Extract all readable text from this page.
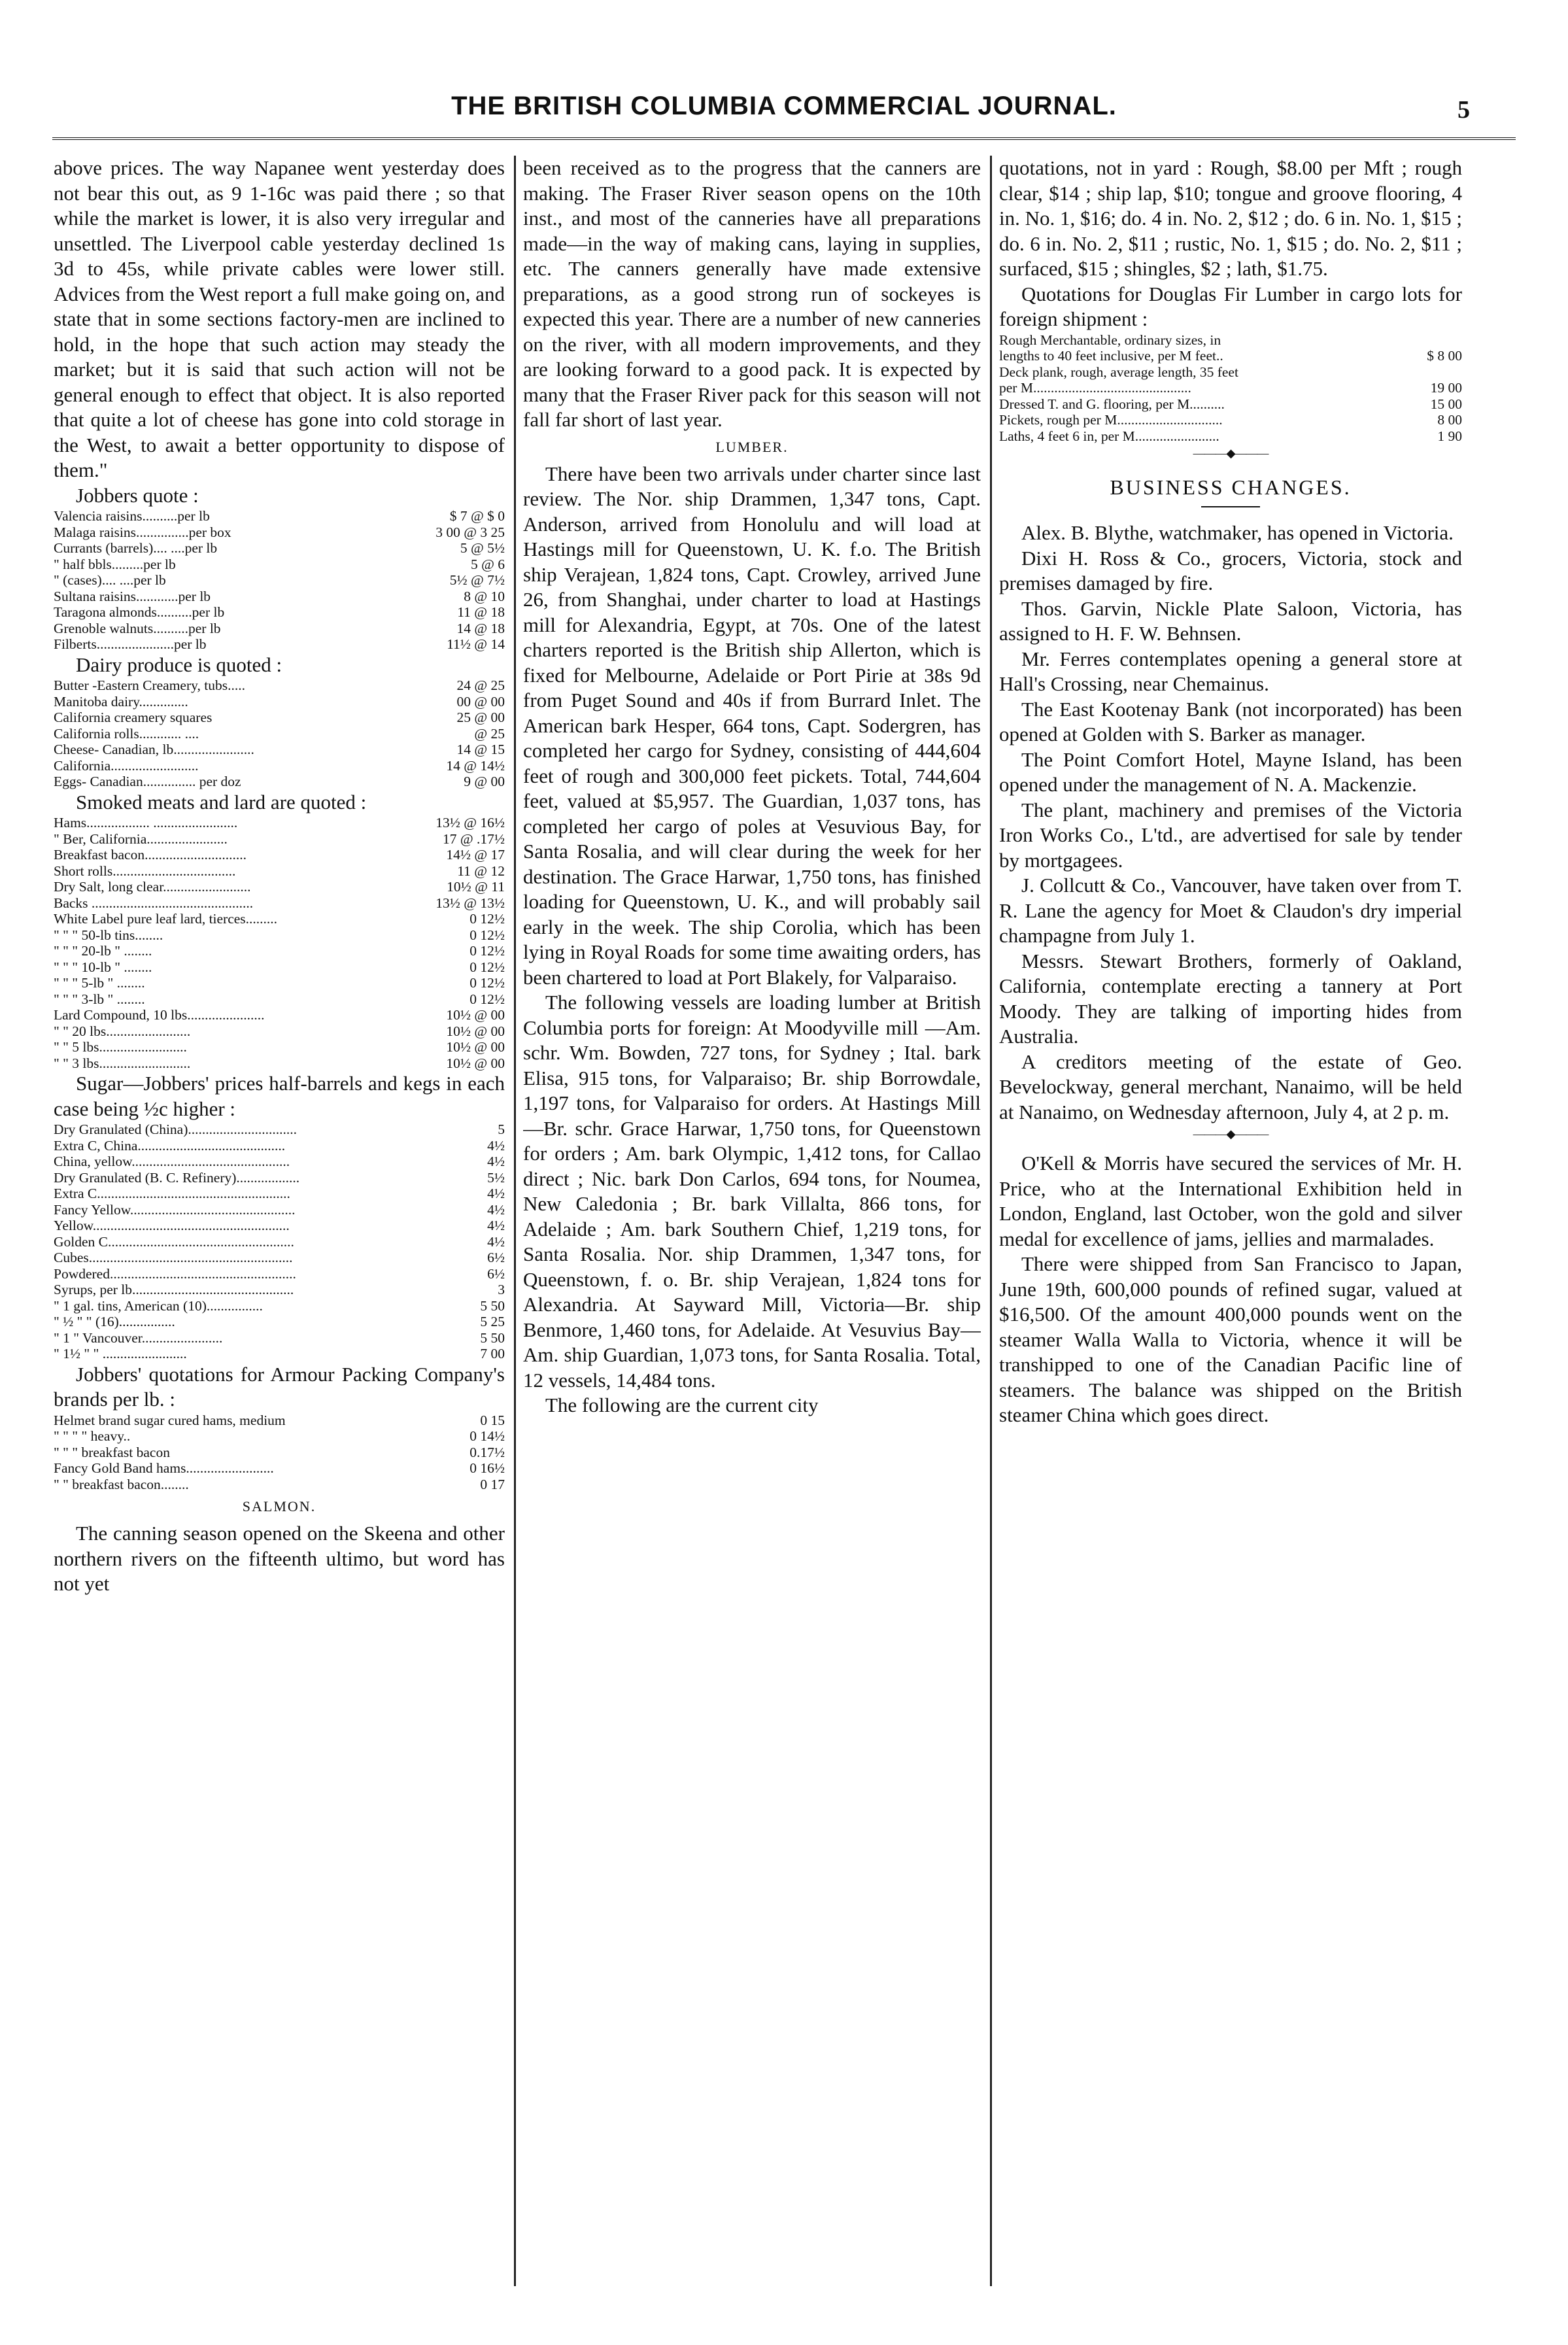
THE BRITISH COLUMBIA COMMERCIAL JOURNAL.	5

above prices. The way Napanee went yesterday does not bear this out, as 9 1-16c was paid there ; so that while the market is lower, it is also very irregular and unsettled. The Liverpool cable yesterday declined 1s 3d to 45s, while private cables were lower still. Advices from the West report a full make going on, and state that in some sections factory-men are inclined to hold, in the hope that such action may steady the market; but it is said that such action will not be general enough to effect that object. It is also reported that quite a lot of cheese has gone into cold storage in the West, to await a better opportunity to dispose of them."

Jobbers quote :
Valencia raisins..........per lb	$ 7 @ $ 0
Malaga raisins...............per box	3 00 @ 3 25
Currants (barrels).... ....per lb	5 @ 5½
" half bbls.........per lb	5 @ 6
" (cases).... ....per lb	5½ @ 7½
Sultana raisins............per lb	8 @ 10
Taragona almonds..........per lb	11 @ 18
Grenoble walnuts..........per lb	14 @ 18
Filberts......................per lb	11½ @ 14
Dairy produce is quoted :
Butter -Eastern Creamery, tubs.....	24 @ 25
Manitoba dairy..............	00 @ 00
California creamery squares	25 @ 00
California rolls............ ....	@ 25
Cheese- Canadian, lb.......................	14 @ 15
California.........................	14 @ 14½
Eggs- Canadian............... per doz	9 @ 00
Smoked meats and lard are quoted :
Hams.................. ........................	13½ @ 16½
" Ber, California.......................	17 @ .17½
Breakfast bacon.............................	14½ @ 17
Short rolls...................................	11 @ 12
Dry Salt, long clear.........................	10½ @ 11
Backs ..............................................	13½ @ 13½
White Label pure leaf lard, tierces.........	0 12½
" " " 50-lb tins........	0 12½
" " " 20-lb " ........	0 12½
" " " 10-lb " ........	0 12½
" " " 5-lb " ........	0 12½
" " " 3-lb " ........	0 12½
Lard Compound, 10 lbs......................	10½ @ 00
" " 20 lbs........................	10½ @ 00
" " 5 lbs.........................	10½ @ 00
" " 3 lbs..........................	10½ @ 00

Sugar—Jobbers' prices half-barrels and kegs in each case being ½c higher :

Dry Granulated (China)...............................	5
Extra C, China..........................................	4½
China, yellow.............................................	4½
Dry Granulated (B. C. Refinery)..................	5½
Extra C.......................................................	4½
Fancy Yellow...............................................	4½
Yellow........................................................	4½
Golden C.....................................................	4½
Cubes..........................................................	6½
Powdered.....................................................	6½
Syrups, per lb..............................................	3
" 1 gal. tins, American (10)................	5 50
" ½ " " (16)................	5 25
" 1 " Vancouver.......................	5 50
" 1½ " " ........................	7 00

Jobbers' quotations for Armour Packing Company's brands per lb. :

Helmet brand sugar cured hams, medium	0 15
" " " " heavy..	0 14½
" " " breakfast bacon	0.17½
Fancy Gold Band hams.........................	0 16½
" " breakfast bacon........	0 17
SALMON.

The canning season opened on the Skeena and other northern rivers on the fifteenth ultimo, but word has not yet

been received as to the progress that the canners are making. The Fraser River season opens on the 10th inst., and most of the canneries have all preparations made—in the way of making cans, laying in supplies, etc. The canners generally have made extensive preparations, as a good strong run of sockeyes is expected this year. There are a number of new canneries on the river, with all modern improvements, and they are looking forward to a good pack. It is expected by many that the Fraser River pack for this season will not fall far short of last year.

LUMBER.

There have been two arrivals under charter since last review. The Nor. ship Drammen, 1,347 tons, Capt. Anderson, arrived from Honolulu and will load at Hastings mill for Queenstown, U. K. f.o. The British ship Verajean, 1,824 tons, Capt. Crowley, arrived June 26, from Shanghai, under charter to load at Hastings mill for Alexandria, Egypt, at 70s. One of the latest charters reported is the British ship Allerton, which is fixed for Melbourne, Adelaide or Port Pirie at 38s 9d from Puget Sound and 40s if from Burrard Inlet. The American bark Hesper, 664 tons, Capt. Sodergren, has completed her cargo for Sydney, consisting of 444,604 feet of rough and 300,000 feet pickets. Total, 744,604 feet, valued at $5,957. The Guardian, 1,037 tons, has completed her cargo of poles at Vesuvious Bay, for Santa Rosalia, and will clear during the week for her destination. The Grace Harwar, 1,750 tons, has finished loading for Queenstown, U. K., and will probably sail early in the week. The ship Corolia, which has been lying in Royal Roads for some time awaiting orders, has been chartered to load at Port Blakely, for Valparaiso.

The following vessels are loading lumber at British Columbia ports for foreign: At Moodyville mill —Am. schr. Wm. Bowden, 727 tons, for Sydney ; Ital. bark Elisa, 915 tons, for Valparaiso; Br. ship Borrowdale, 1,197 tons, for Valparaiso for orders. At Hastings Mill—Br. schr. Grace Harwar, 1,750 tons, for Queenstown for orders ; Am. bark Olympic, 1,412 tons, for Callao direct ; Nic. bark Don Carlos, 694 tons, for Noumea, New Caledonia ; Br. bark Villalta, 866 tons, for Adelaide ; Am. bark Southern Chief, 1,219 tons, for Santa Rosalia. Nor. ship Drammen, 1,347 tons, for Queenstown, f. o. Br. ship Verajean, 1,824 tons for Alexandria. At Sayward Mill, Victoria—Br. ship Benmore, 1,460 tons, for Adelaide. At Vesuvius Bay—Am. ship Guardian, 1,073 tons, for Santa Rosalia. Total, 12 vessels, 14,484 tons.

The following are the current city

quotations, not in yard : Rough, $8.00 per Mft ; rough clear, $14 ; ship lap, $10; tongue and groove flooring, 4 in. No. 1, $16; do. 4 in. No. 2, $12 ; do. 6 in. No. 1, $15 ; do. 6 in. No. 2, $11 ; rustic, No. 1, $15 ; do. No. 2, $11 ; surfaced, $15 ; shingles, $2 ; lath, $1.75.

Quotations for Douglas Fir Lumber in cargo lots for foreign shipment :

Rough Merchantable, ordinary sizes, in	
lengths to 40 feet inclusive, per M feet..	$ 8 00
Deck plank, rough, average length, 35 feet	
per M.............................................	19 00
Dressed T. and G. flooring, per M..........	15 00
Pickets, rough per M..............................	8 00
Laths, 4 feet 6 in, per M........................	1 90
———◆———
BUSINESS CHANGES.

Alex. B. Blythe, watchmaker, has opened in Victoria.

Dixi H. Ross & Co., grocers, Victoria, stock and premises damaged by fire.

Thos. Garvin, Nickle Plate Saloon, Victoria, has assigned to H. F. W. Behnsen.

Mr. Ferres contemplates opening a general store at Hall's Crossing, near Chemainus.

The East Kootenay Bank (not incorporated) has been opened at Golden with S. Barker as manager.

The Point Comfort Hotel, Mayne Island, has been opened under the management of N. A. Mackenzie.

The plant, machinery and premises of the Victoria Iron Works Co., L'td., are advertised for sale by tender by mortgagees.

J. Collcutt & Co., Vancouver, have taken over from T. R. Lane the agency for Moet & Claudon's dry imperial champagne from July 1.

Messrs. Stewart Brothers, formerly of Oakland, California, contemplate erecting a tannery at Port Moody. They are talking of importing hides from Australia.

A creditors meeting of the estate of Geo. Bevelockway, general merchant, Nanaimo, will be held at Nanaimo, on Wednesday afternoon, July 4, at 2 p. m.

———◆———

O'Kell & Morris have secured the services of Mr. H. Price, who at the International Exhibition held in London, England, last October, won the gold and silver medal for excellence of jams, jellies and marmalades.

There were shipped from San Francisco to Japan, June 19th, 600,000 pounds of refined sugar, valued at $16,500. Of the amount 400,000 pounds went on the steamer Walla Walla to Victoria, whence it will be transhipped to one of the Canadian Pacific line of steamers. The balance was shipped on the British steamer China which goes direct.
